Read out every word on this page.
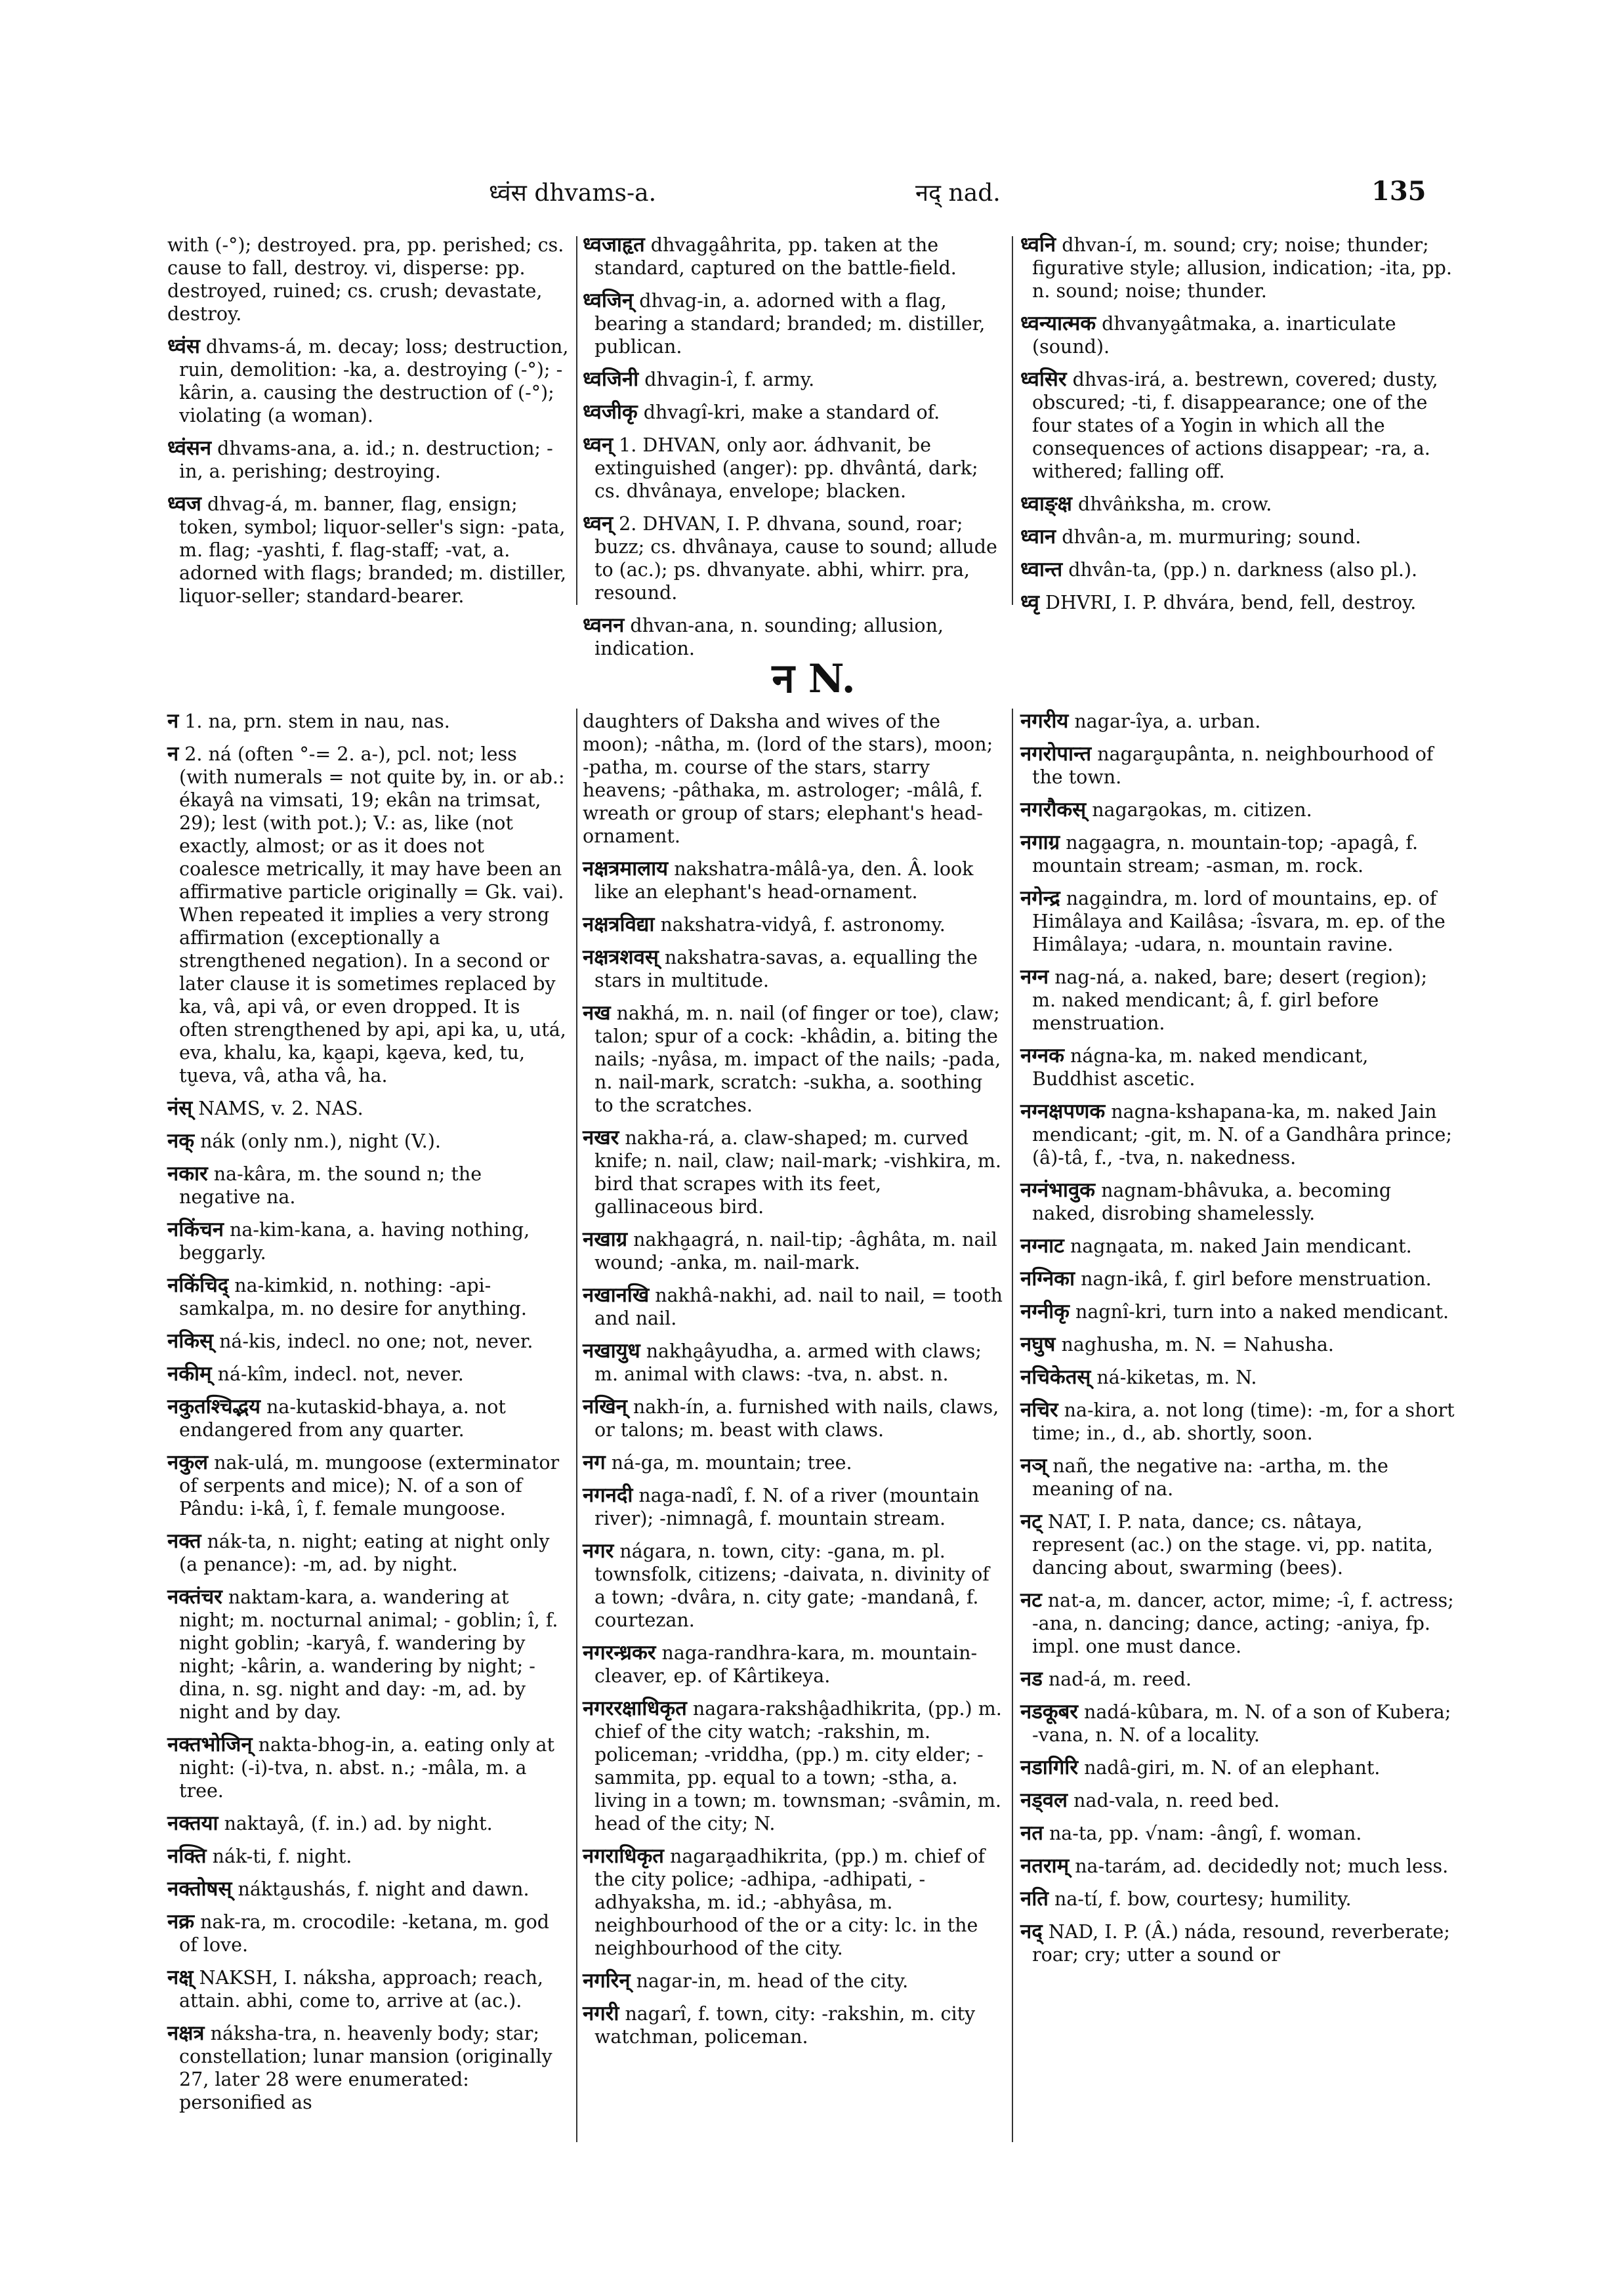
ध्वंस dhvams-a.	नद् nad.	135

with (-°); destroyed. pra, pp. perished; cs. cause to fall, destroy. vi, disperse: pp. destroyed, ruined; cs. crush; devastate, destroy.

ध्वंस dhvams-á, m. decay; loss; destruction, ruin, demolition: -ka, a. destroying (-°); -kârin, a. causing the destruction of (-°); violating (a woman).

ध्वंसन dhvams-ana, a. id.; n. destruction; -in, a. perishing; destroying.

ध्वज dhvag-á, m. banner, flag, ensign; token, symbol; liquor-seller's sign: -pata, m. flag; -yashti, f. flag-staff; -vat, a. adorned with flags; branded; m. distiller, liquor-seller; standard-bearer.

ध्वजाहृत dhvaga̮âhrita, pp. taken at the standard, captured on the battle-field.

ध्वजिन् dhvag-in, a. adorned with a flag, bearing a standard; branded; m. distiller, publican.

ध्वजिनी dhvagin-î, f. army.

ध्वजीकृ dhvagî-kri, make a standard of.

ध्वन् 1. DHVAN, only aor. ádhvanit, be extinguished (anger): pp. dhvântá, dark; cs. dhvânaya, envelope; blacken.

ध्वन् 2. DHVAN, I. P. dhvana, sound, roar; buzz; cs. dhvânaya, cause to sound; allude to (ac.); ps. dhvanyate. abhi, whirr. pra, resound.

ध्वनन dhvan-ana, n. sounding; allusion, indication.

ध्वनि dhvan-í, m. sound; cry; noise; thunder; figurative style; allusion, indication; -ita, pp. n. sound; noise; thunder.

ध्वन्यात्मक dhvanya̮âtmaka, a. inarticulate (sound).

ध्वसिर dhvas-irá, a. bestrewn, covered; dusty, obscured; -ti, f. disappearance; one of the four states of a Yogin in which all the consequences of actions disappear; -ra, a. withered; falling off.

ध्वाङ्क्ष dhvâṅksha, m. crow.

ध्वान dhvân-a, m. murmuring; sound.

ध्वान्त dhvân-ta, (pp.) n. darkness (also pl.).

ध्वृ DHVRI, I. P. dhvára, bend, fell, destroy.

न N.

न 1. na, prn. stem in nau, nas.

न 2. ná (often °-= 2. a-), pcl. not; less (with numerals = not quite by, in. or ab.: ékayâ na vimsati, 19; ekân na trimsat, 29); lest (with pot.); V.: as, like (not exactly, almost; or as it does not coalesce metrically, it may have been an affirmative particle originally = Gk. vai). When repeated it implies a very strong affirmation (exceptionally a strengthened negation). In a second or later clause it is sometimes replaced by ka, vâ, api vâ, or even dropped. It is often strengthened by api, api ka, u, utá, eva, khalu, ka, ka̮api, ka̮eva, ked, tu, tu̮eva, vâ, atha vâ, ha.

नंस् NAMS, v. 2. NAS.

नक् nák (only nm.), night (V.).

नकार na-kâra, m. the sound n; the negative na.

नकिंचन na-kim-kana, a. having nothing, beggarly.

नकिंचिद् na-kimkid, n. nothing: -api-samkalpa, m. no desire for anything.

नकिस् ná-kis, indecl. no one; not, never.

नकीम् ná-kîm, indecl. not, never.

नकुतश्चिद्भय na-kutaskid-bhaya, a. not endangered from any quarter.

नकुल nak-ulá, m. mungoose (exterminator of serpents and mice); N. of a son of Pându: i-kâ, î, f. female mungoose.

नक्त nák-ta, n. night; eating at night only (a penance): -m, ad. by night.

नक्तंचर naktam-kara, a. wandering at night; m. nocturnal animal; - goblin; î, f. night goblin; -karyâ, f. wandering by night; -kârin, a. wandering by night; -dina, n. sg. night and day: -m, ad. by night and by day.

नक्तभोजिन् nakta-bhog-in, a. eating only at night: (-i)-tva, n. abst. n.; -mâla, m. a tree.

नक्तया naktayâ, (f. in.) ad. by night.

नक्ति nák-ti, f. night.

नक्तोषस् nákta̮ushás, f. night and dawn.

नक्र nak-ra, m. crocodile: -ketana, m. god of love.

नक्ष् NAKSH, I. náksha, approach; reach, attain. abhi, come to, arrive at (ac.).

नक्षत्र náksha-tra, n. heavenly body; star; constellation; lunar mansion (originally 27, later 28 were enumerated: personified as

daughters of Daksha and wives of the moon); -nâtha, m. (lord of the stars), moon; -patha, m. course of the stars, starry heavens; -pâthaka, m. astrologer; -mâlâ, f. wreath or group of stars; elephant's head-ornament.

नक्षत्रमालाय nakshatra-mâlâ-ya, den. Â. look like an elephant's head-ornament.

नक्षत्रविद्या nakshatra-vidyâ, f. astronomy.

नक्षत्रशवस् nakshatra-savas, a. equalling the stars in multitude.

नख nakhá, m. n. nail (of finger or toe), claw; talon; spur of a cock: -khâdin, a. biting the nails; -nyâsa, m. impact of the nails; -pada, n. nail-mark, scratch: -sukha, a. soothing to the scratches.

नखर nakha-rá, a. claw-shaped; m. curved knife; n. nail, claw; nail-mark; -vishkira, m. bird that scrapes with its feet, gallinaceous bird.

नखाग्र nakha̮agrá, n. nail-tip; -âghâta, m. nail wound; -anka, m. nail-mark.

नखानखि nakhâ-nakhi, ad. nail to nail, = tooth and nail.

नखायुध nakha̮âyudha, a. armed with claws; m. animal with claws: -tva, n. abst. n.

नखिन् nakh-ín, a. furnished with nails, claws, or talons; m. beast with claws.

नग ná-ga, m. mountain; tree.

नगनदी naga-nadî, f. N. of a river (mountain river); -nimnagâ, f. mountain stream.

नगर nágara, n. town, city: -gana, m. pl. townsfolk, citizens; -daivata, n. divinity of a town; -dvâra, n. city gate; -mandanâ, f. courtezan.

नगरन्ध्रकर naga-randhra-kara, m. mountain-cleaver, ep. of Kârtikeya.

नगररक्षाधिकृत nagara-rakshâ̮adhikrita, (pp.) m. chief of the city watch; -rakshin, m. policeman; -vriddha, (pp.) m. city elder; -sammita, pp. equal to a town; -stha, a. living in a town; m. townsman; -svâmin, m. head of the city; N.

नगराधिकृत nagara̮adhikrita, (pp.) m. chief of the city police; -adhipa, -adhipati, -adhyaksha, m. id.; -abhyâsa, m. neighbourhood of the or a city: lc. in the neighbourhood of the city.

नगरिन् nagar-in, m. head of the city.

नगरी nagarî, f. town, city: -rakshin, m. city watchman, policeman.

नगरीय nagar-îya, a. urban.

नगरोपान्त nagara̮upânta, n. neighbourhood of the town.

नगरौकस् nagara̮okas, m. citizen.

नगाग्र naga̮agra, n. mountain-top; -apagâ, f. mountain stream; -asman, m. rock.

नगेन्द्र naga̮indra, m. lord of mountains, ep. of Himâlaya and Kailâsa; -îsvara, m. ep. of the Himâlaya; -udara, n. mountain ravine.

नग्न nag-ná, a. naked, bare; desert (region); m. naked mendicant; â, f. girl before menstruation.

नग्नक nágna-ka, m. naked mendicant, Buddhist ascetic.

नग्नक्षपणक nagna-kshapana-ka, m. naked Jain mendicant; -git, m. N. of a Gandhâra prince; (â)-tâ, f., -tva, n. nakedness.

नग्नंभावुक nagnam-bhâvuka, a. becoming naked, disrobing shamelessly.

नग्नाट nagna̮ata, m. naked Jain mendicant.

नग्निका nagn-ikâ, f. girl before menstruation.

नग्नीकृ nagnî-kri, turn into a naked mendicant.

नघुष naghusha, m. N. = Nahusha.

नचिकेतस् ná-kiketas, m. N.

नचिर na-kira, a. not long (time): -m, for a short time; in., d., ab. shortly, soon.

नञ् nañ, the negative na: -artha, m. the meaning of na.

नट् NAT, I. P. nata, dance; cs. nâtaya, represent (ac.) on the stage. vi, pp. natita, dancing about, swarming (bees).

नट nat-a, m. dancer, actor, mime; -î, f. actress; -ana, n. dancing; dance, acting; -aniya, fp. impl. one must dance.

नड nad-á, m. reed.

नडकूबर nadá-kûbara, m. N. of a son of Kubera; -vana, n. N. of a locality.

नडागिरि nadâ-giri, m. N. of an elephant.

नड्वल nad-vala, n. reed bed.

नत na-ta, pp. √nam: -ângî, f. woman.

नतराम् na-tarám, ad. decidedly not; much less.

नति na-tí, f. bow, courtesy; humility.

नद् NAD, I. P. (Â.) náda, resound, reverberate; roar; cry; utter a sound or
